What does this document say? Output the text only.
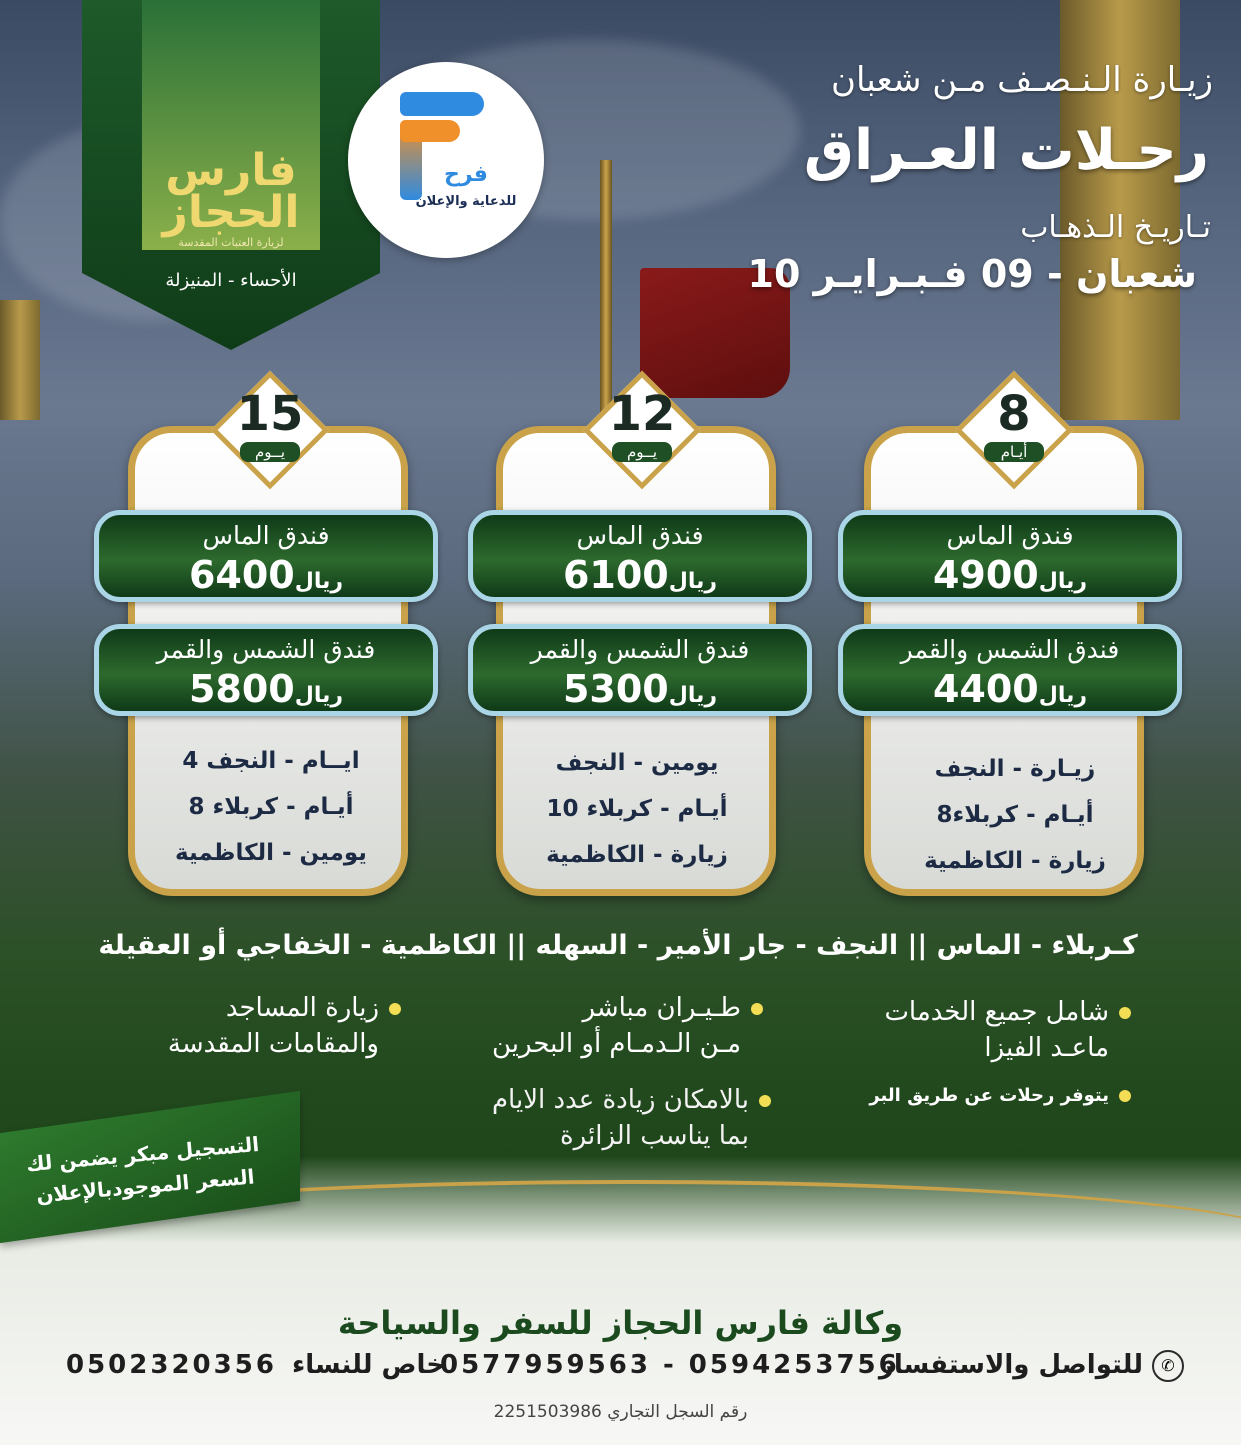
فارس الحجاز
لزيارة العتبات المقدسة
الأحساء - المنيزلة
فرح
للدعاية والإعلان
زيـارة الـنـصـف مـن شعبان
رحـلات العـراق
تـاريـخ الـذهـاب
10 شعبان - 09 فـبـرايـر
8
أيـام
فندق الماس
ريال4900
فندق الشمس والقمر
ريال4400
زيـارة - النجف
8أيـام - كربلاء
زيارة - الكاظمية
12
يــوم
فندق الماس
ريال6100
فندق الشمس والقمر
ريال5300
يومين - النجف
10 أيـام - كربلاء
زيارة - الكاظمية
15
يــوم
فندق الماس
ريال6400
فندق الشمس والقمر
ريال5800
4 ايــام - النجف
8 أيـام - كربلاء
يومين - الكاظمية
كـربلاء - الماس || النجف - جار الأمير - السهله || الكاظمية - الخفاجي أو العقيلة
شامل جميع الخدمات
ماعـد الفيزا
طـيـران مباشر
مـن الـدمـام أو البحرين
زيارة المساجد
والمقامات المقدسة
يتوفر رحلات عن طريق البر
بالامكان زيادة عدد الايام
بما يناسب الزائرة
التسجيل مبكر يضمن لك
السعر الموجودبالإعلان
وكالة فارس الحجاز للسفر والسياحة
✆
للتواصل والاستفسار
0577959563 - 0594253756
خاص للنساء
0502320356
رقم السجل التجاري 2251503986
